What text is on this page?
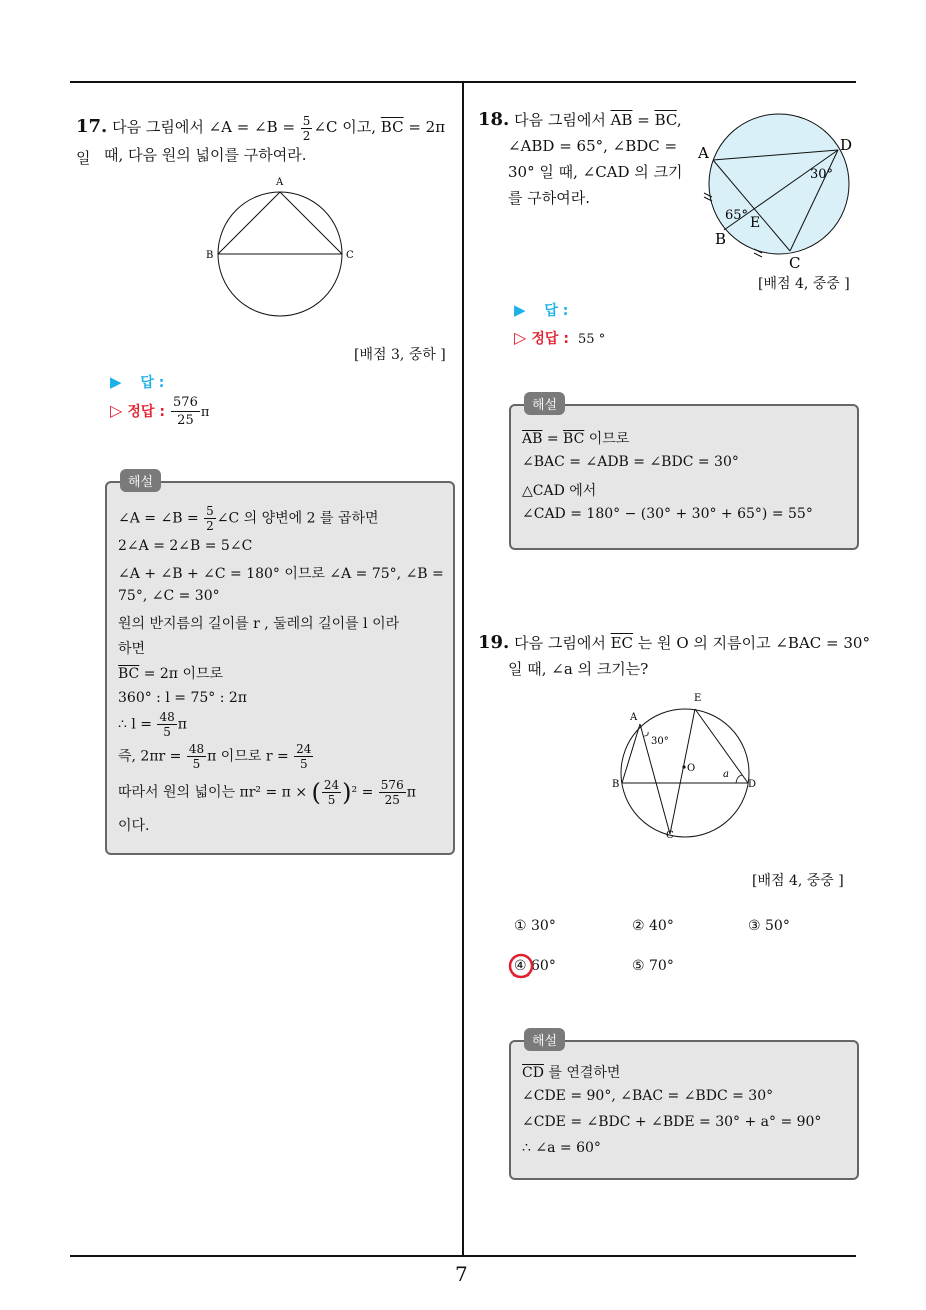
7
17. 다음 그림에서 ∠A = ∠B = $\frac{5}{2}$ ∠C 이고, $\overline{BC} = 2\pi$ 일 때, 다음 원의 넓이를 구하여라.
A
B	C
[배점 3, 중하 ]
▶ 답 :
▷ 정답 : $\frac{576}{25}$ π
해설
∠A = ∠B = $\frac{5}{2}$ ∠C 의 양변에 2 를 곱하면
2∠A = 2∠B = 5∠C
∠A + ∠B + ∠C = 180° 이므로 ∠A = 75°, ∠B =
75°, ∠C = 30°
원의 반지름의 길이를 r , 둘레의 길이를 l 이라
하면
$\overline{BC} = 2\pi$ 이므로
360° : l = 75° : 2π
∴ $l = \frac{48}{5}$ π
즉, $2\pi r = \frac{48}{5}$ π 이므로 $r = \frac{24}{5}$
따라서 원의 넓이는 πr² = π × ( $\frac{24}{5} )^2 = \frac{576}{25}$ π
이다.
18. 다음 그림에서 $\overline{AB} = \overline{BC}$,
∠ABD = 65°, ∠BDC =
30° 일 때, ∠CAD 의 크기
를 구하여라.
A
B
C
D
E
65°
30°
[배점 4, 중중 ]
▶ 답 :
▷ 정답 : 55 °
해설
$\overline{AB} = \overline{BC}$ 이므로
∠BAC = ∠ADB = ∠BDC = 30°
△CAD 에서
∠CAD = 180° − (30° + 30° + 65°) = 55°
19. 다음 그림에서 $\overline{EC}$ 는 원 O 의 지름이고 ∠BAC = 30°
일 때, ∠a 의 크기는?
A
B
C
D
E
O
30°
a
[배점 4, 중중 ]
① 30°	② 40°	③ 50°
④ 60°	⑤ 70°
해설
$\overline{CD}$ 를 연결하면
∠CDE = 90°, ∠BAC = ∠BDC = 30°
∠CDE = ∠BDC + ∠BDE = 30° + a° = 90°
∴ ∠a = 60°
